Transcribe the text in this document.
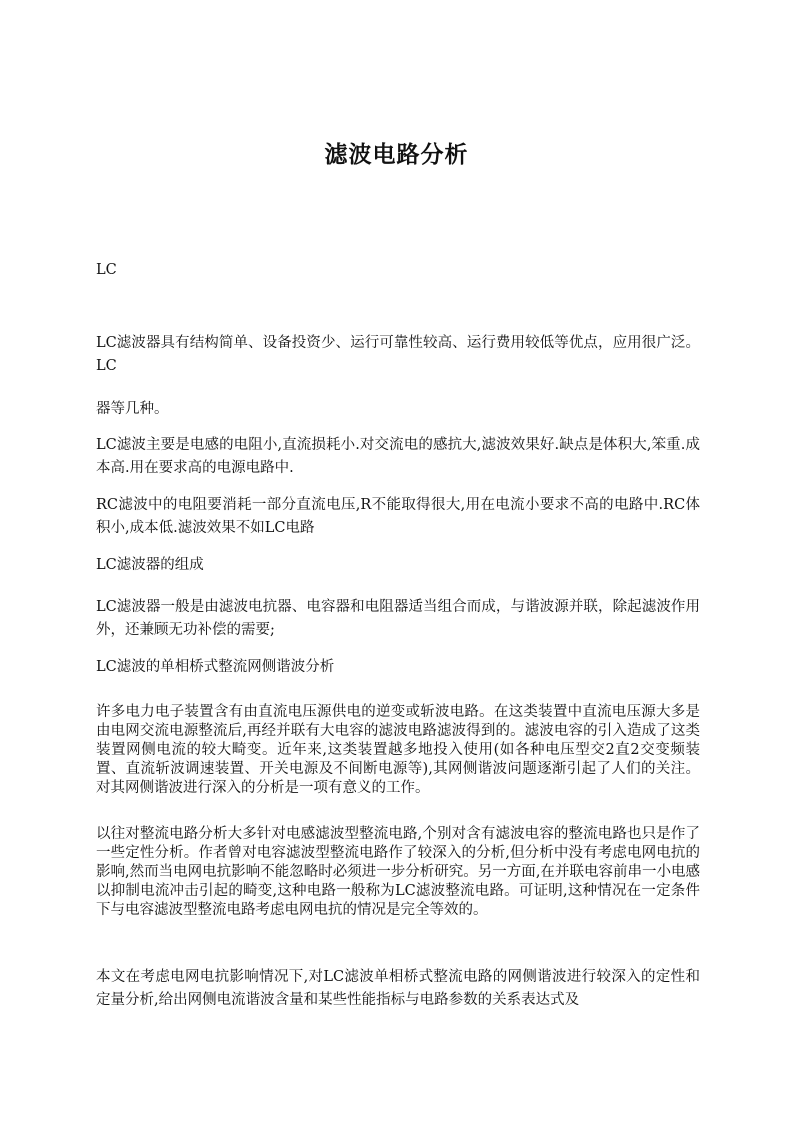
滤波电路分析

LC

LC滤波器具有结构简单、设备投资少、运行可靠性较高、运行费用较低等优点，应用很广泛。LC

器等几种。

LC滤波主要是电感的电阻小,直流损耗小.对交流电的感抗大,滤波效果好.缺点是体积大,笨重.成本高.用在要求高的电源电路中.

RC滤波中的电阻要消耗一部分直流电压,R不能取得很大,用在电流小要求不高的电路中.RC体积小,成本低.滤波效果不如LC电路

LC滤波器的组成

LC滤波器一般是由滤波电抗器、电容器和电阻器适当组合而成，与谐波源并联，除起滤波作用外，还兼顾无功补偿的需要;

LC滤波的单相桥式整流网侧谐波分析

许多电力电子装置含有由直流电压源供电的逆变或斩波电路。在这类装置中直流电压源大多是由电网交流电源整流后,再经并联有大电容的滤波电路滤波得到的。滤波电容的引入造成了这类装置网侧电流的较大畸变。近年来,这类装置越多地投入使用(如各种电压型交2直2交变频装置、直流斩波调速装置、开关电源及不间断电源等),其网侧谐波问题逐渐引起了人们的关注。对其网侧谐波进行深入的分析是一项有意义的工作。

以往对整流电路分析大多针对电感滤波型整流电路,个别对含有滤波电容的整流电路也只是作了一些定性分析。作者曾对电容滤波型整流电路作了较深入的分析,但分析中没有考虑电网电抗的影响,然而当电网电抗影响不能忽略时必须进一步分析研究。另一方面,在并联电容前串一小电感以抑制电流冲击引起的畸变,这种电路一般称为LC滤波整流电路。可证明,这种情况在一定条件下与电容滤波型整流电路考虑电网电抗的情况是完全等效的。

本文在考虑电网电抗影响情况下,对LC滤波单相桥式整流电路的网侧谐波进行较深入的定性和定量分析,给出网侧电流谐波含量和某些性能指标与电路参数的关系表达式及
